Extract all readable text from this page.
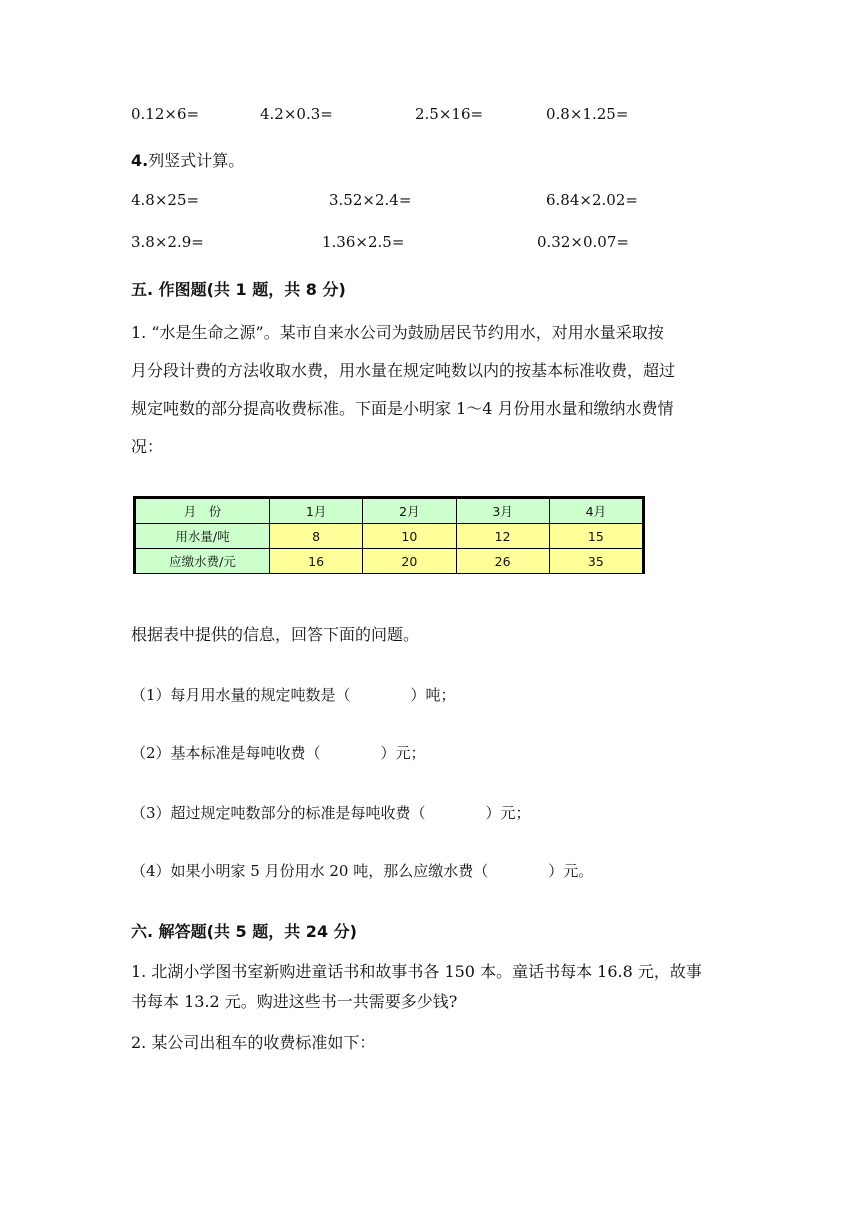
0.12×6=	4.2×0.3=	2.5×16=	0.8×1.25=
4.列竖式计算。
4.8×25=	3.52×2.4=	6.84×2.02=
3.8×2.9=	1.36×2.5=	0.32×0.07=
五. 作图题(共 1 题，共 8 分)
1. “水是生命之源”。某市自来水公司为鼓励居民节约用水，对用水量采取按
月分段计费的方法收取水费，用水量在规定吨数以内的按基本标准收费，超过
规定吨数的部分提高收费标准。下面是小明家 1～4 月份用水量和缴纳水费情
况：
月　份	1月	2月	3月	4月
用水量/吨	8	10	12	15
应缴水费/元	16	20	26	35
根据表中提供的信息，回答下面的问题。
（1）每月用水量的规定吨数是（　　　　）吨；
（2）基本标准是每吨收费（　　　　）元；
（3）超过规定吨数部分的标准是每吨收费（　　　　）元；
（4）如果小明家 5 月份用水 20 吨，那么应缴水费（　　　　）元。
六. 解答题(共 5 题，共 24 分)
1. 北湖小学图书室新购进童话书和故事书各 150 本。童话书每本 16.8 元，故事
书每本 13.2 元。购进这些书一共需要多少钱?
2. 某公司出租车的收费标准如下：
